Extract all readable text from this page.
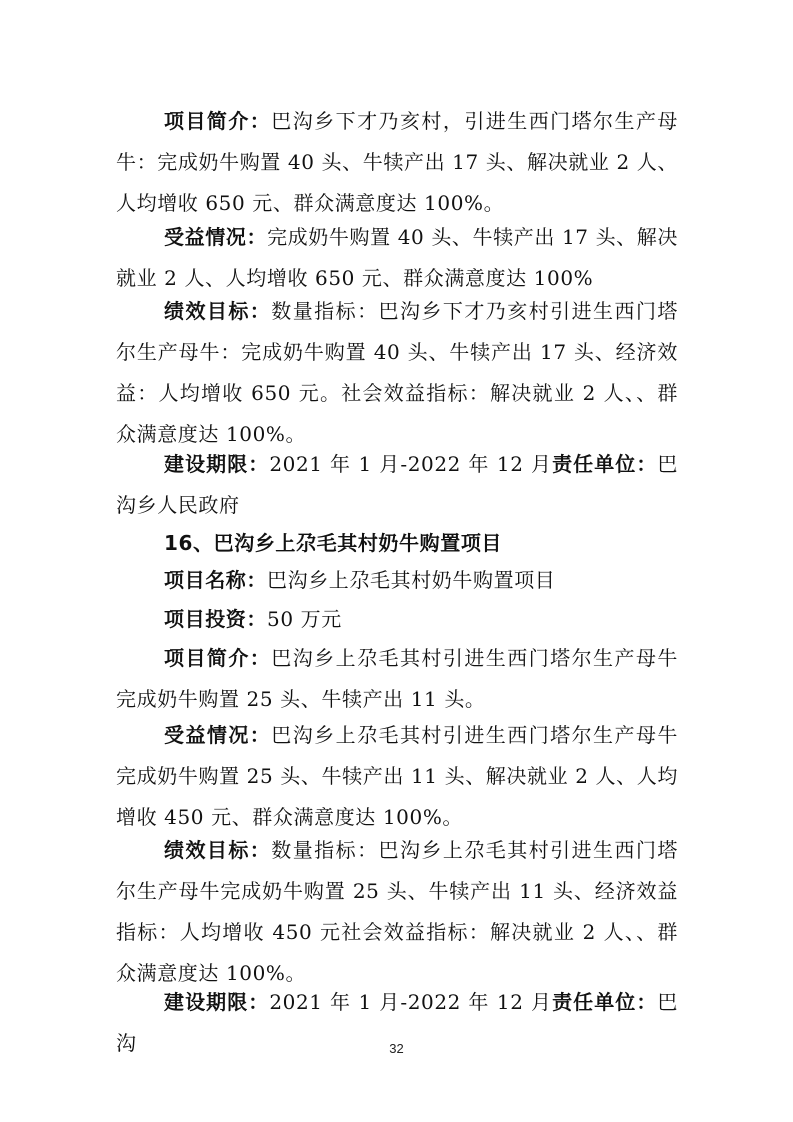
项目简介：巴沟乡下才乃亥村，引进生西门塔尔生产母牛：完成奶牛购置 40 头、牛犊产出 17 头、解决就业 2 人、人均增收 650 元、群众满意度达 100%。

受益情况：完成奶牛购置 40 头、牛犊产出 17 头、解决就业 2 人、人均增收 650 元、群众满意度达 100%

绩效目标：数量指标：巴沟乡下才乃亥村引进生西门塔尔生产母牛：完成奶牛购置 40 头、牛犊产出 17 头、经济效益：人均增收 650 元。社会效益指标：解决就业 2 人、、群众满意度达 100%。

建设期限：2021 年 1 月-2022 年 12 月责任单位：巴沟乡人民政府

16、巴沟乡上尕毛其村奶牛购置项目

项目名称：巴沟乡上尕毛其村奶牛购置项目

项目投资：50 万元

项目简介：巴沟乡上尕毛其村引进生西门塔尔生产母牛完成奶牛购置 25 头、牛犊产出 11 头。

受益情况：巴沟乡上尕毛其村引进生西门塔尔生产母牛完成奶牛购置 25 头、牛犊产出 11 头、解决就业 2 人、人均增收 450 元、群众满意度达 100%。

绩效目标：数量指标：巴沟乡上尕毛其村引进生西门塔尔生产母牛完成奶牛购置 25 头、牛犊产出 11 头、经济效益指标：人均增收 450 元社会效益指标：解决就业 2 人、、群众满意度达 100%。

建设期限：2021 年 1 月-2022 年 12 月责任单位：巴沟	32
